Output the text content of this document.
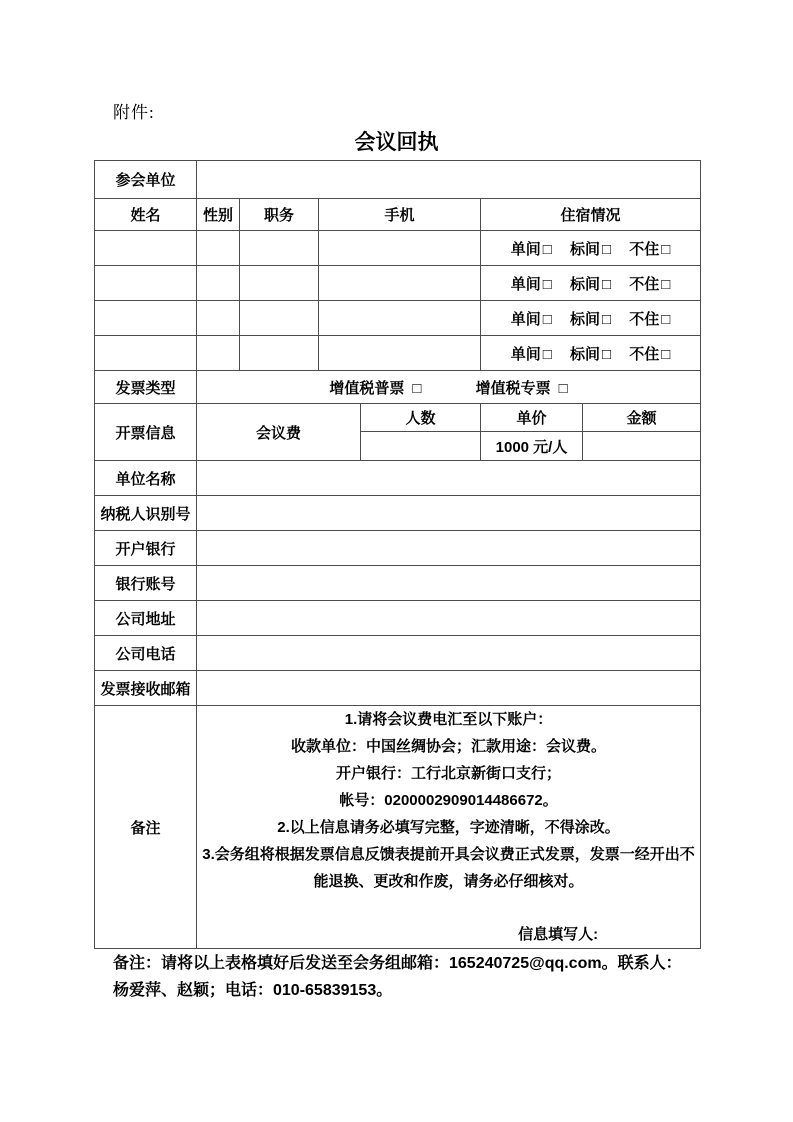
附件:
会议回执
参会单位						
姓名	性别	职务	手机		住宿情况	
					单间 □ 标间 □ 不住 □	
					单间 □ 标间 □ 不住 □	
					单间 □ 标间 □ 不住 □	
					单间 □ 标间 □ 不住 □	
发票类型	增值税普票 □ 增值税专票 □					
开票信息	会议费			人数	单价	金额
					1000 元/人	
单位名称						
纳税人识别号						
开户银行						
银行账号						
公司地址						
公司电话						
发票接收邮箱						
备注	
1.请将会议费电汇至以下账户：
收款单位：中国丝绸协会；汇款用途：会议费。
开户银行：工行北京新街口支行；
帐号：0200002909014486672。
2.以上信息请务必填写完整，字迹清晰，不得涂改。
3.会务组将根据发票信息反馈表提前开具会议费正式发票，发票一经开出不能退换、更改和作废，请务必仔细核对。
信息填写人:
备注：请将以上表格填好后发送至会务组邮箱：165240725@qq.com。联系人：
杨爱萍、赵颖；电话：010-65839153。
